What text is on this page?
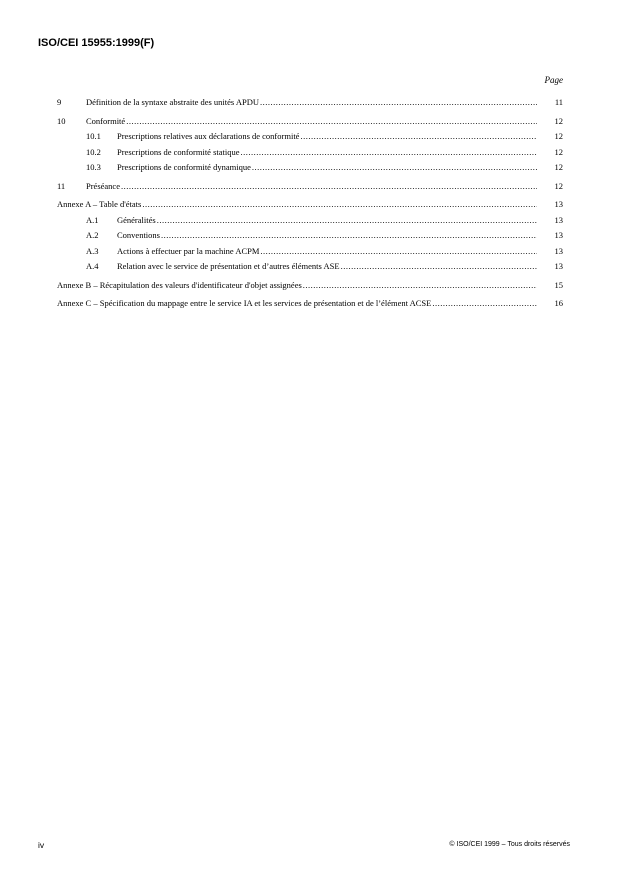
ISO/CEI 15955:1999(F)
Page
9	Définition de la syntaxe abstraite des unités APDU .....	11
10	Conformité .....	12
10.1	Prescriptions relatives aux déclarations de conformité .....	12
10.2	Prescriptions de conformité statique .....	12
10.3	Prescriptions de conformité dynamique .....	12
11	Préséance .....	12
Annexe A – Table d'états .....	13
A.1	Généralités .....	13
A.2	Conventions .....	13
A.3	Actions à effectuer par la machine ACPM .....	13
A.4	Relation avec le service de présentation et d’autres éléments ASE .....	13
Annexe B – Récapitulation des valeurs d'identificateur d'objet assignées .....	15
Annexe C – Spécification du mappage entre le service IA et les services de présentation et de l’élément ACSE .....	16
iv	© ISO/CEI 1999 – Tous droits réservés
